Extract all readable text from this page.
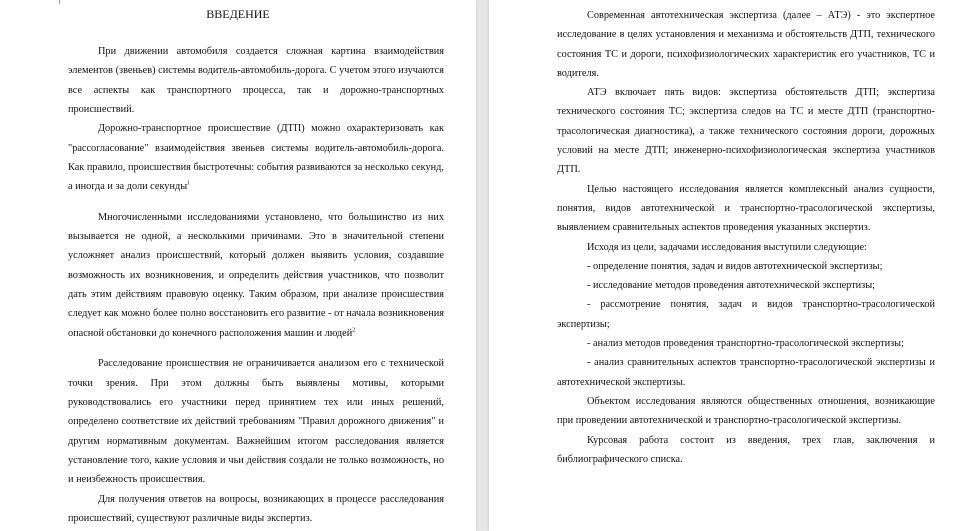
ВВЕДЕНИЕ

При движении автомобиля создается сложная картина взаимодействия элементов (звеньев) системы водитель-автомобиль-дорога. С учетом этого изучаются все аспекты как транспортного процесса, так и дорожно-транспортных происшествий.

Дорожно-транспортное происшествие (ДТП) можно охарактеризовать как "рассогласование" взаимодействия звеньев системы водитель-автомобиль-дорога. Как правило, происшествия быстротечны: события развиваются за несколько секунд, а иногда и за доли секунды$^1$

Многочисленными исследованиями установлено, что большинство из них вызывается не одной, а несколькими причинами. Это в значительной степени усложняет анализ происшествий, который должен выявить условия, создавшие возможность их возникновения, и определить действия участников, что позволит дать этим действиям правовую оценку. Таким образом, при анализе происшествия следует как можно более полно восстановить его развитие - от начала возникновения опасной обстановки до конечного расположения машин и людей$^2$

Расследование происшествия не ограничивается анализом его с технической точки зрения. При этом должны быть выявлены мотивы, которыми руководствовались его участники перед принятием тех или иных решений, определено соответствие их действий требованиям "Правил дорожного движения" и другим нормативным документам. Важнейшим итогом расследования является установление того, какие условия и чьи действия создали не только возможность, но и неизбежность происшествия.

Для получения ответов на вопросы, возникающих в процессе расследования происшествий, существуют различные виды экспертиз.

Современная автотехническая экспертиза (далее – АТЭ) - это экспертное исследование в целях установления и механизма и обстоятельств ДТП, технического состояния ТС и дороги, психофизиологических характеристик его участников, ТС и водителя.

АТЭ включает пять видов: экспертиза обстоятельств ДТП; экспертиза технического состояния ТС; экспертиза следов на ТС и месте ДТП (транспортно-трасологическая диагностика), а также технического состояния дороги, дорожных условий на месте ДТП; инженерно-психофизиологическая экспертиза участников ДТП.

Целью настоящего исследования является комплексный анализ сущности, понятия, видов автотехнической и транспортно-трасологической экспертизы, выявлением сравнительных аспектов проведения указанных экспертиз.

Исходя из цели, задачами исследования выступили следующие:

- определение понятия, задач и видов автотехнической экспертизы;

- исследование методов проведения автотехнической экспертизы;

- рассмотрение понятия, задач и видов транспортно-трасологической экспертизы;

- анализ методов проведения транспортно-трасологической экспертизы;

- анализ сравнительных аспектов транспортно-трасологической экспертизы и автотехнической экспертизы.

Объектом исследования являются общественных отношения, возникающие при проведении автотехнической и транспортно-трасологической экспертизы.

Курсовая работа состоит из введения, трех глав, заключения и библиографического списка.
